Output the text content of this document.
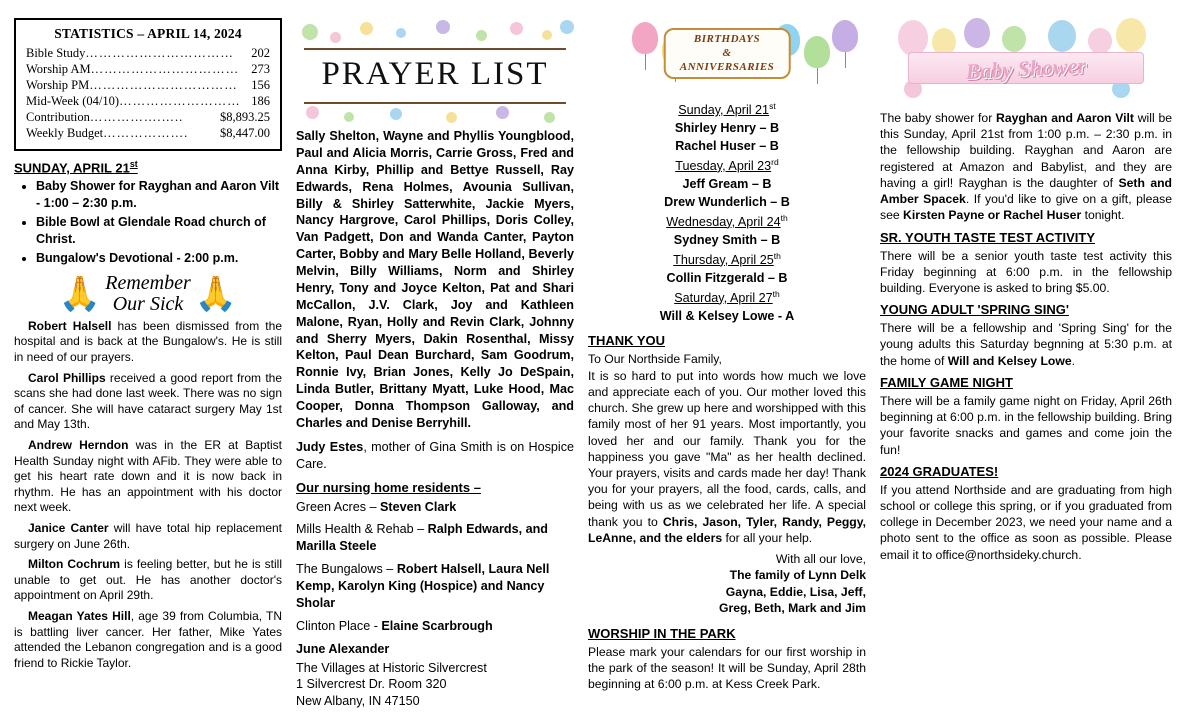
STATISTICS – APRIL 14, 2024
Bible Study ……………………………	202
Worship AM …………………………… 273
Worship PM ……………………………	156
Mid-Week (04/10) ……………………… 186
Contribution …………….…..	$8,893.25
Weekly Budget ……………….	$8,447.00
SUNDAY, APRIL 21st
• Baby Shower for Rayghan and Aaron Vilt - 1:00 – 2:30 p.m.
• Bible Bowl at Glendale Road church of Christ.
• Bungalow's Devotional - 2:00 p.m.
🙏 Remember
Our Sick 🙏

Robert Halsell has been dismissed from the hospital and is back at the Bungalow's. He is still in need of our prayers.

Carol Phillips received a good report from the scans she had done last week. There was no sign of cancer. She will have cataract surgery May 1st and May 13th.

Andrew Herndon was in the ER at Baptist Health Sunday night with AFib. They were able to get his heart rate down and it is now back in rhythm. He has an appointment with his doctor next week.

Janice Canter will have total hip replacement surgery on June 26th.

Milton Cochrum is feeling better, but he is still unable to get out. He has another doctor's appointment on April 29th.

Meagan Yates Hill, age 39 from Columbia, TN is battling liver cancer. Her father, Mike Yates attended the Lebanon congregation and is a good friend to Rickie Taylor.

PRAYER LIST

Sally Shelton, Wayne and Phyllis Youngblood, Paul and Alicia Morris, Carrie Gross, Fred and Anna Kirby, Phillip and Bettye Russell, Ray Edwards, Rena Holmes, Avounia Sullivan, Billy & Shirley Satterwhite, Jackie Myers, Nancy Hargrove, Carol Phillips, Doris Colley, Van Padgett, Don and Wanda Canter, Payton Carter, Bobby and Mary Belle Holland, Beverly Melvin, Billy Williams, Norm and Shirley Henry, Tony and Joyce Kelton, Pat and Shari McCallon, J.V. Clark, Joy and Kathleen Malone, Ryan, Holly and Revin Clark, Johnny and Sherry Myers, Dakin Rosenthal, Missy Kelton, Paul Dean Burchard, Sam Goodrum, Ronnie Ivy, Brian Jones, Kelly Jo DeSpain, Linda Butler, Brittany Myatt, Luke Hood, Mac Cooper, Donna Thompson Galloway, and Charles and Denise Berryhill.

Judy Estes, mother of Gina Smith is on Hospice Care.

Our nursing home residents –

Green Acres – Steven Clark

Mills Health & Rehab – Ralph Edwards, and Marilla Steele

The Bungalows – Robert Halsell, Laura Nell Kemp, Karolyn King (Hospice) and Nancy Sholar

Clinton Place - Elaine Scarbrough

June Alexander

The Villages at Historic Silvercrest

1 Silvercrest Dr. Room 320

New Albany, IN 47150

BIRTHDAYS
&
ANNIVERSARIES
Sunday, April 21st
Shirley Henry – B
Rachel Huser – B
Tuesday, April 23rd
Jeff Gream – B
Drew Wunderlich – B
Wednesday, April 24th
Sydney Smith – B
Thursday, April 25th
Collin Fitzgerald – B
Saturday, April 27th
Will & Kelsey Lowe - A
THANK YOU

To Our Northside Family,

It is so hard to put into words how much we love and appreciate each of you. Our mother loved this church. She grew up here and worshipped with this family most of her 91 years. Most importantly, you loved her and our family. Thank you for the happiness you gave "Ma" as her health declined. Your prayers, visits and cards made her day! Thank you for your prayers, all the food, cards, calls, and being with us as we celebrated her life. A special thank you to Chris, Jason, Tyler, Randy, Peggy, LeAnne, and the elders for all your help.

With all our love,

The family of Lynn Delk

Gayna, Eddie, Lisa, Jeff,

Greg, Beth, Mark and Jim

WORSHIP IN THE PARK

Please mark your calendars for our first worship in the park of the season! It will be Sunday, April 28th beginning at 6:00 p.m. at Kess Creek Park.

Baby Shower

The baby shower for Rayghan and Aaron Vilt will be this Sunday, April 21st from 1:00 p.m. – 2:30 p.m. in the fellowship building. Rayghan and Aaron are registered at Amazon and Babylist, and they are having a girl! Rayghan is the daughter of Seth and Amber Spacek. If you'd like to give on a gift, please see Kirsten Payne or Rachel Huser tonight.

SR. YOUTH TASTE TEST ACTIVITY

There will be a senior youth taste test activity this Friday beginning at 6:00 p.m. in the fellowship building. Everyone is asked to bring $5.00.

YOUNG ADULT 'SPRING SING'

There will be a fellowship and 'Spring Sing' for the young adults this Saturday begnning at 5:30 p.m. at the home of Will and Kelsey Lowe.

FAMILY GAME NIGHT

There will be a family game night on Friday, April 26th beginning at 6:00 p.m. in the fellowship building. Bring your favorite snacks and games and come join the fun!

2024 GRADUATES!

If you attend Northside and are graduating from high school or college this spring, or if you graduated from college in December 2023, we need your name and a photo sent to the office as soon as possible. Please email it to office@northsideky.church.
